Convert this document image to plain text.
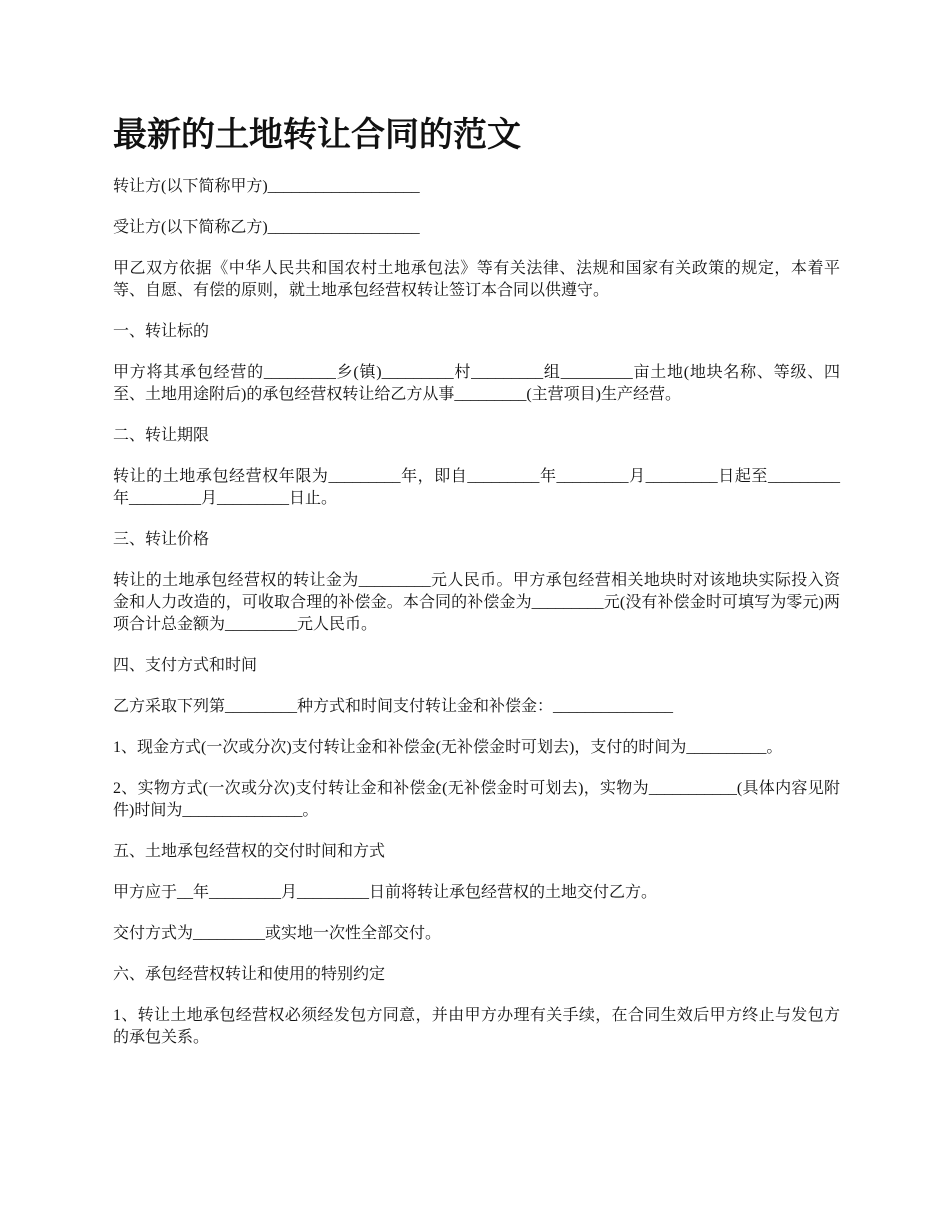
最新的土地转让合同的范文

转让方(以下简称甲方)___________________

受让方(以下简称乙方)___________________

甲乙双方依据《中华人民共和国农村土地承包法》等有关法律、法规和国家有关政策的规定，本着平等、自愿、有偿的原则，就土地承包经营权转让签订本合同以供遵守。

一、转让标的

甲方将其承包经营的_________乡(镇)_________村_________组_________亩土地(地块名称、等级、四至、土地用途附后)的承包经营权转让给乙方从事_________(主营项目)生产经营。

二、转让期限

转让的土地承包经营权年限为_________年，即自_________年_________月_________日起至_________年_________月_________日止。

三、转让价格

转让的土地承包经营权的转让金为_________元人民币。甲方承包经营相关地块时对该地块实际投入资金和人力改造的，可收取合理的补偿金。本合同的补偿金为_________元(没有补偿金时可填写为零元)两项合计总金额为_________元人民币。

四、支付方式和时间

乙方采取下列第_________种方式和时间支付转让金和补偿金：_______________

1、现金方式(一次或分次)支付转让金和补偿金(无补偿金时可划去)，支付的时间为__________。

2、实物方式(一次或分次)支付转让金和补偿金(无补偿金时可划去)，实物为___________(具体内容见附件)时间为_______________。

五、土地承包经营权的交付时间和方式

甲方应于__年_________月_________日前将转让承包经营权的土地交付乙方。

交付方式为_________或实地一次性全部交付。

六、承包经营权转让和使用的特别约定

1、转让土地承包经营权必须经发包方同意，并由甲方办理有关手续，在合同生效后甲方终止与发包方的承包关系。
